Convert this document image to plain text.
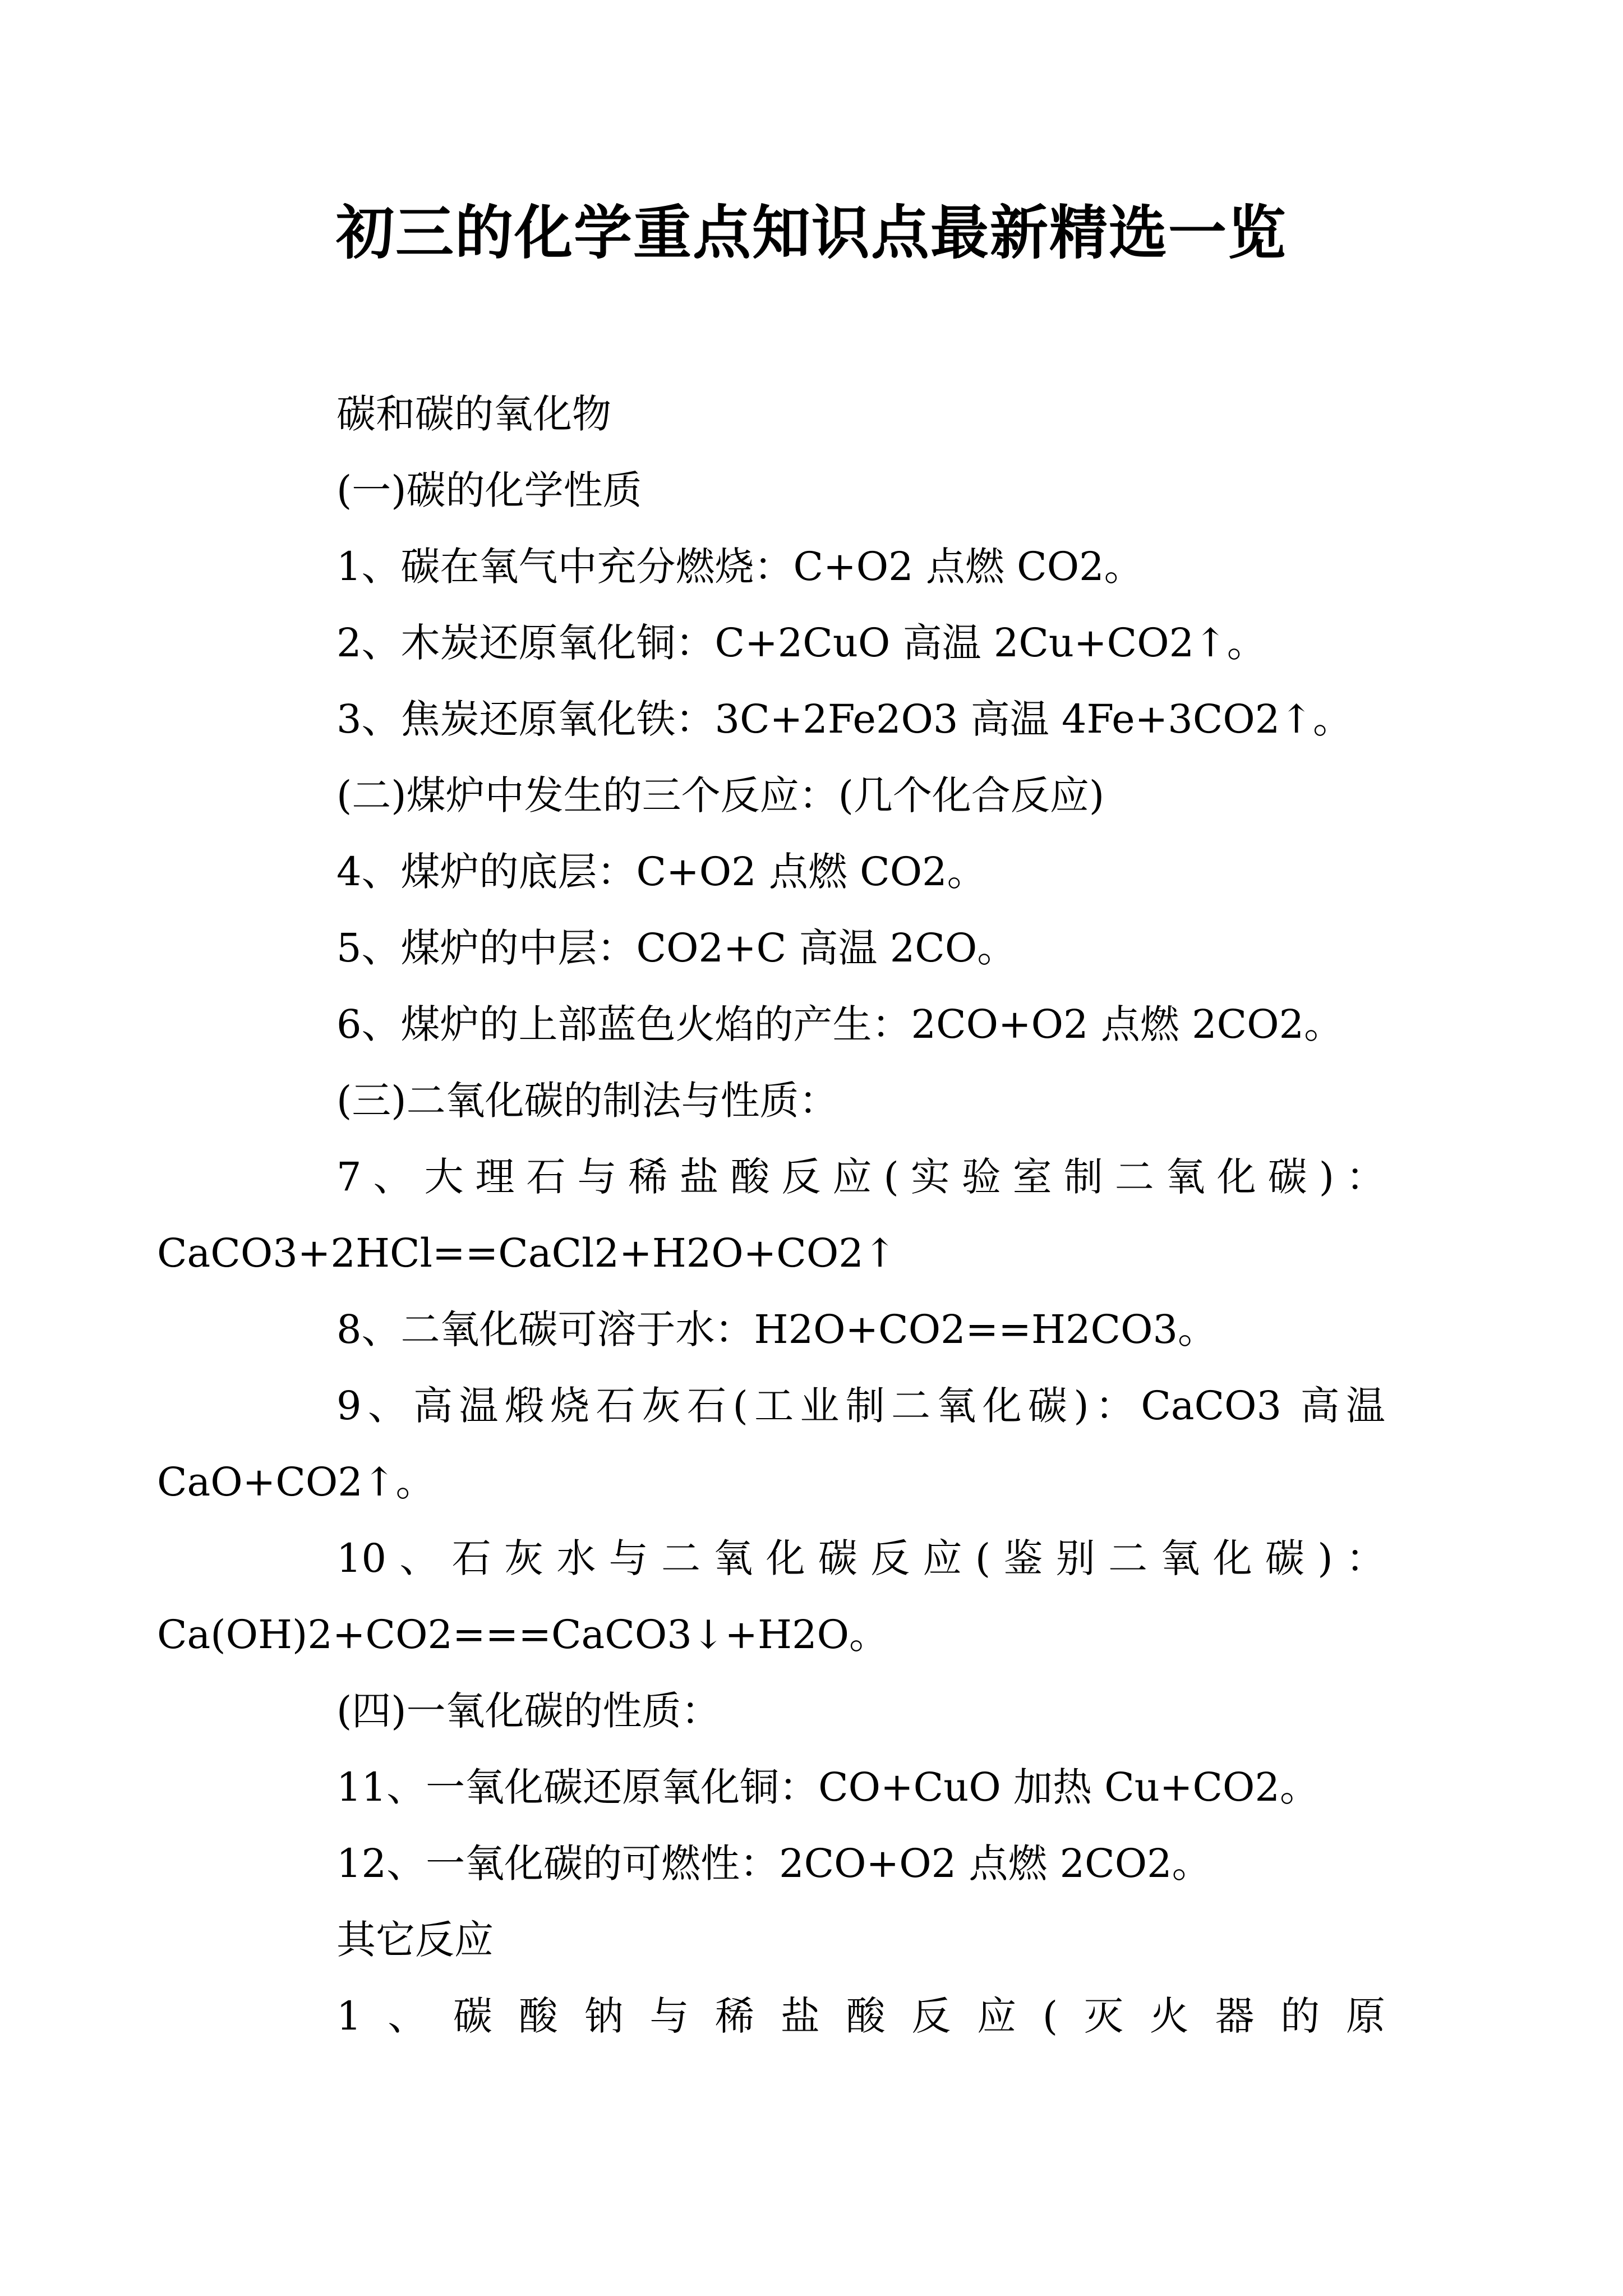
初三的化学重点知识点最新精选一览
碳和碳的氧化物
(一)碳的化学性质
1、碳在氧气中充分燃烧：C+O2 点燃 CO2。
2、木炭还原氧化铜：C+2CuO 高温 2Cu+CO2↑。
3、焦炭还原氧化铁：3C+2Fe2O3 高温 4Fe+3CO2↑。
(二)煤炉中发生的三个反应：(几个化合反应)
4、煤炉的底层：C+O2 点燃 CO2。
5、煤炉的中层：CO2+C 高温 2CO。
6、煤炉的上部蓝色火焰的产生：2CO+O2 点燃 2CO2。
(三)二氧化碳的制法与性质：
7、大理石与稀盐酸反应(实验室制二氧化碳)：
CaCO3+2HCl==CaCl2+H2O+CO2↑
8、二氧化碳可溶于水：H2O+CO2==H2CO3。
9、高温煅烧石灰石(工业制二氧化碳)：CaCO3 高温
CaO+CO2↑。
10、石灰水与二氧化碳反应(鉴别二氧化碳)：
Ca(OH)2+CO2===CaCO3↓+H2O。
(四)一氧化碳的性质：
11、一氧化碳还原氧化铜：CO+CuO 加热 Cu+CO2。
12、一氧化碳的可燃性：2CO+O2 点燃 2CO2。
其它反应
1、碳酸钠与稀盐酸反应(灭火器的原
